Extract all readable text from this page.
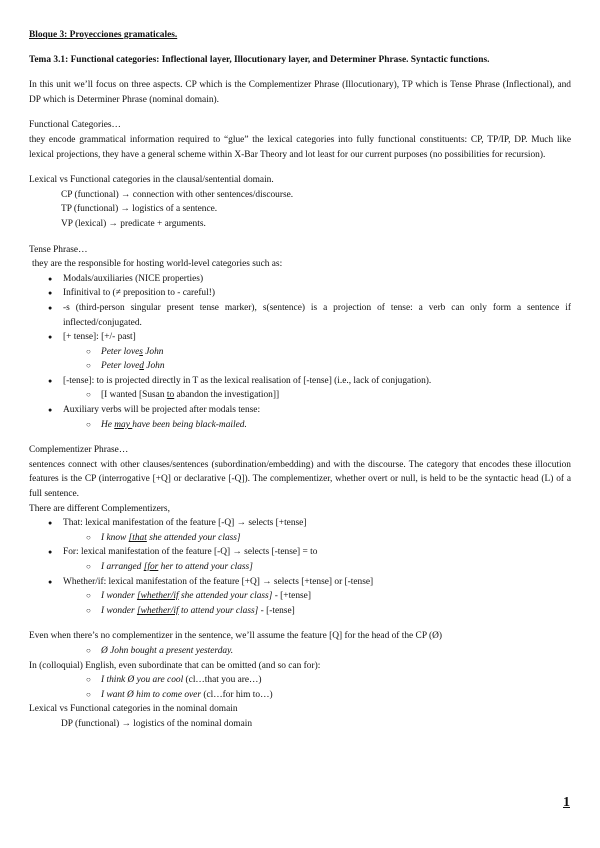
Bloque 3: Proyecciones gramaticales.
Tema 3.1: Functional categories: Inflectional layer, Illocutionary layer, and Determiner Phrase. Syntactic functions.
In this unit we’ll focus on three aspects. CP which is the Complementizer Phrase (Illocutionary), TP which is Tense Phrase (Inflectional), and DP which is Determiner Phrase (nominal domain).
Functional Categories…
they encode grammatical information required to “glue” the lexical categories into fully functional constituents: CP, TP/IP, DP. Much like lexical projections, they have a general scheme within X-Bar Theory and lot least for our current purposes (no possibilities for recursion).
Lexical vs Functional categories in the clausal/sentential domain.
CP (functional) → connection with other sentences/discourse.
TP (functional) → logistics of a sentence.
VP (lexical) → predicate + arguments.
Tense Phrase…
they are the responsible for hosting world-level categories such as:
● Modals/auxiliaries (NICE properties)
● Infinitival to (≠ preposition to - careful!)
● -s (third-person singular present tense marker), s(sentence) is a projection of tense: a verb can only form a sentence if inflected/conjugated.
● [+ tense]: [+/- past]
○ Peter loves John
○ Peter loved John
● [-tense]: to is projected directly in T as the lexical realisation of [-tense] (i.e., lack of conjugation).
○ [I wanted [Susan to abandon the investigation]]
● Auxiliary verbs will be projected after modals tense:
○ He may have been being black-mailed.
Complementizer Phrase…
sentences connect with other clauses/sentences (subordination/embedding) and with the discourse. The category that encodes these illocution features is the CP (interrogative [+Q] or declarative [-Q]). The complementizer, whether overt or null, is held to be the syntactic head (L) of a full sentence.
There are different Complementizers,
● That: lexical manifestation of the feature [-Q] → selects [+tense]
○ I know [that she attended your class]
● For: lexical manifestation of the feature [-Q] → selects [-tense] = to
○ I arranged [for her to attend your class]
● Whether/if: lexical manifestation of the feature [+Q] → selects [+tense] or [-tense]
○ I wonder [whether/if she attended your class] - [+tense]
○ I wonder [whether/if to attend your class] - [-tense]
Even when there’s no complementizer in the sentence, we’ll assume the feature [Q] for the head of the CP (Ø)
○ Ø John bought a present yesterday.
In (colloquial) English, even subordinate that can be omitted (and so can for):
○ I think Ø you are cool (cl…that you are…)
○ I want Ø him to come over (cl…for him to…)
Lexical vs Functional categories in the nominal domain
DP (functional) → logistics of the nominal domain
1
